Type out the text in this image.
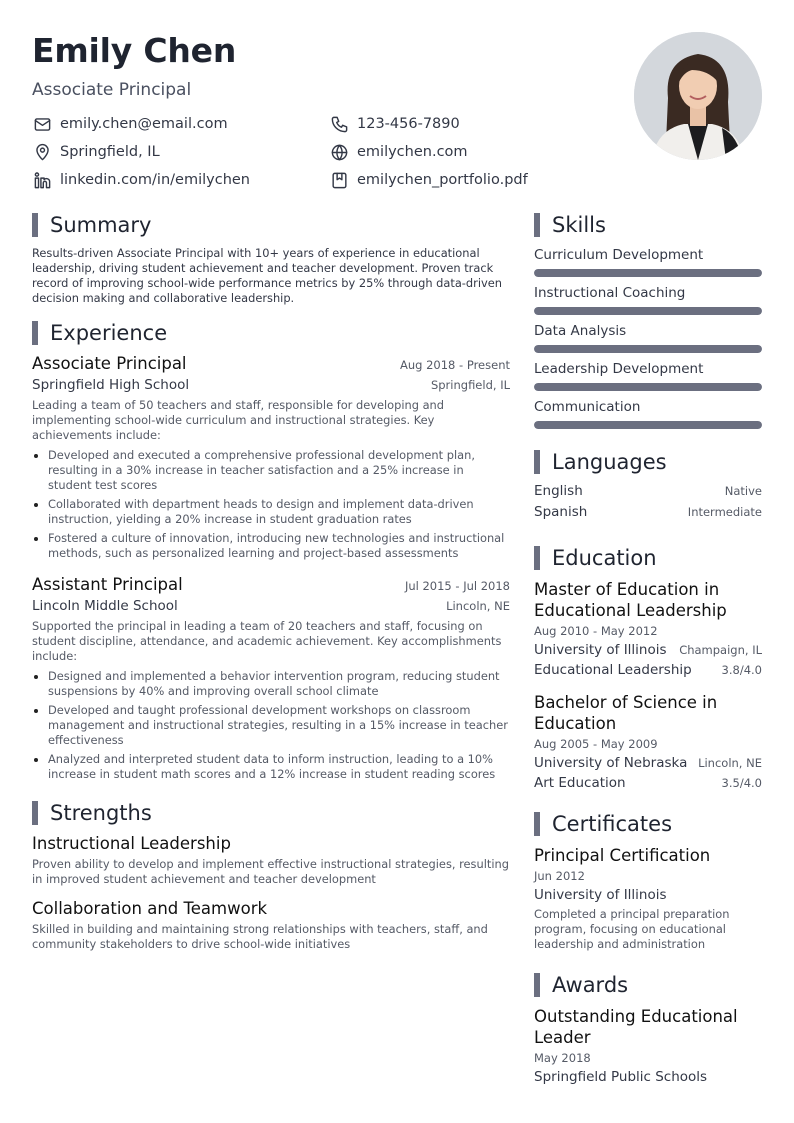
Emily Chen
Associate Principal
emily.chen@email.com	123-456-7890
Springfield, IL	emilychen.com
linkedin.com/in/emilychen	emilychen_portfolio.pdf
Summary
Results-driven Associate Principal with 10+ years of experience in educational leadership, driving student achievement and teacher development. Proven track record of improving school-wide performance metrics by 25% through data-driven decision making and collaborative leadership.
Experience
Associate Principal	Aug 2018 - Present
Springfield High School	Springfield, IL
Leading a team of 50 teachers and staff, responsible for developing and implementing school-wide curriculum and instructional strategies. Key achievements include:
Developed and executed a comprehensive professional development plan, resulting in a 30% increase in teacher satisfaction and a 25% increase in student test scores
Collaborated with department heads to design and implement data-driven instruction, yielding a 20% increase in student graduation rates
Fostered a culture of innovation, introducing new technologies and instructional methods, such as personalized learning and project-based assessments
Assistant Principal	Jul 2015 - Jul 2018
Lincoln Middle School	Lincoln, NE
Supported the principal in leading a team of 20 teachers and staff, focusing on student discipline, attendance, and academic achievement. Key accomplishments include:
Designed and implemented a behavior intervention program, reducing student suspensions by 40% and improving overall school climate
Developed and taught professional development workshops on classroom management and instructional strategies, resulting in a 15% increase in teacher effectiveness
Analyzed and interpreted student data to inform instruction, leading to a 10% increase in student math scores and a 12% increase in student reading scores
Strengths
Instructional Leadership
Proven ability to develop and implement effective instructional strategies, resulting in improved student achievement and teacher development
Collaboration and Teamwork
Skilled in building and maintaining strong relationships with teachers, staff, and community stakeholders to drive school-wide initiatives
Skills
Curriculum Development
Instructional Coaching
Data Analysis
Leadership Development
Communication
Languages
English	Native
Spanish	Intermediate
Education
Master of Education in Educational Leadership
Aug 2010 - May 2012
University of Illinois Champaign, IL
Educational Leadership	3.8/4.0
Bachelor of Science in Education
Aug 2005 - May 2009
University of Nebraska Lincoln, NE
Art Education	3.5/4.0
Certificates
Principal Certification
Jun 2012
University of Illinois
Completed a principal preparation program, focusing on educational leadership and administration
Awards
Outstanding Educational Leader
May 2018
Springfield Public Schools
